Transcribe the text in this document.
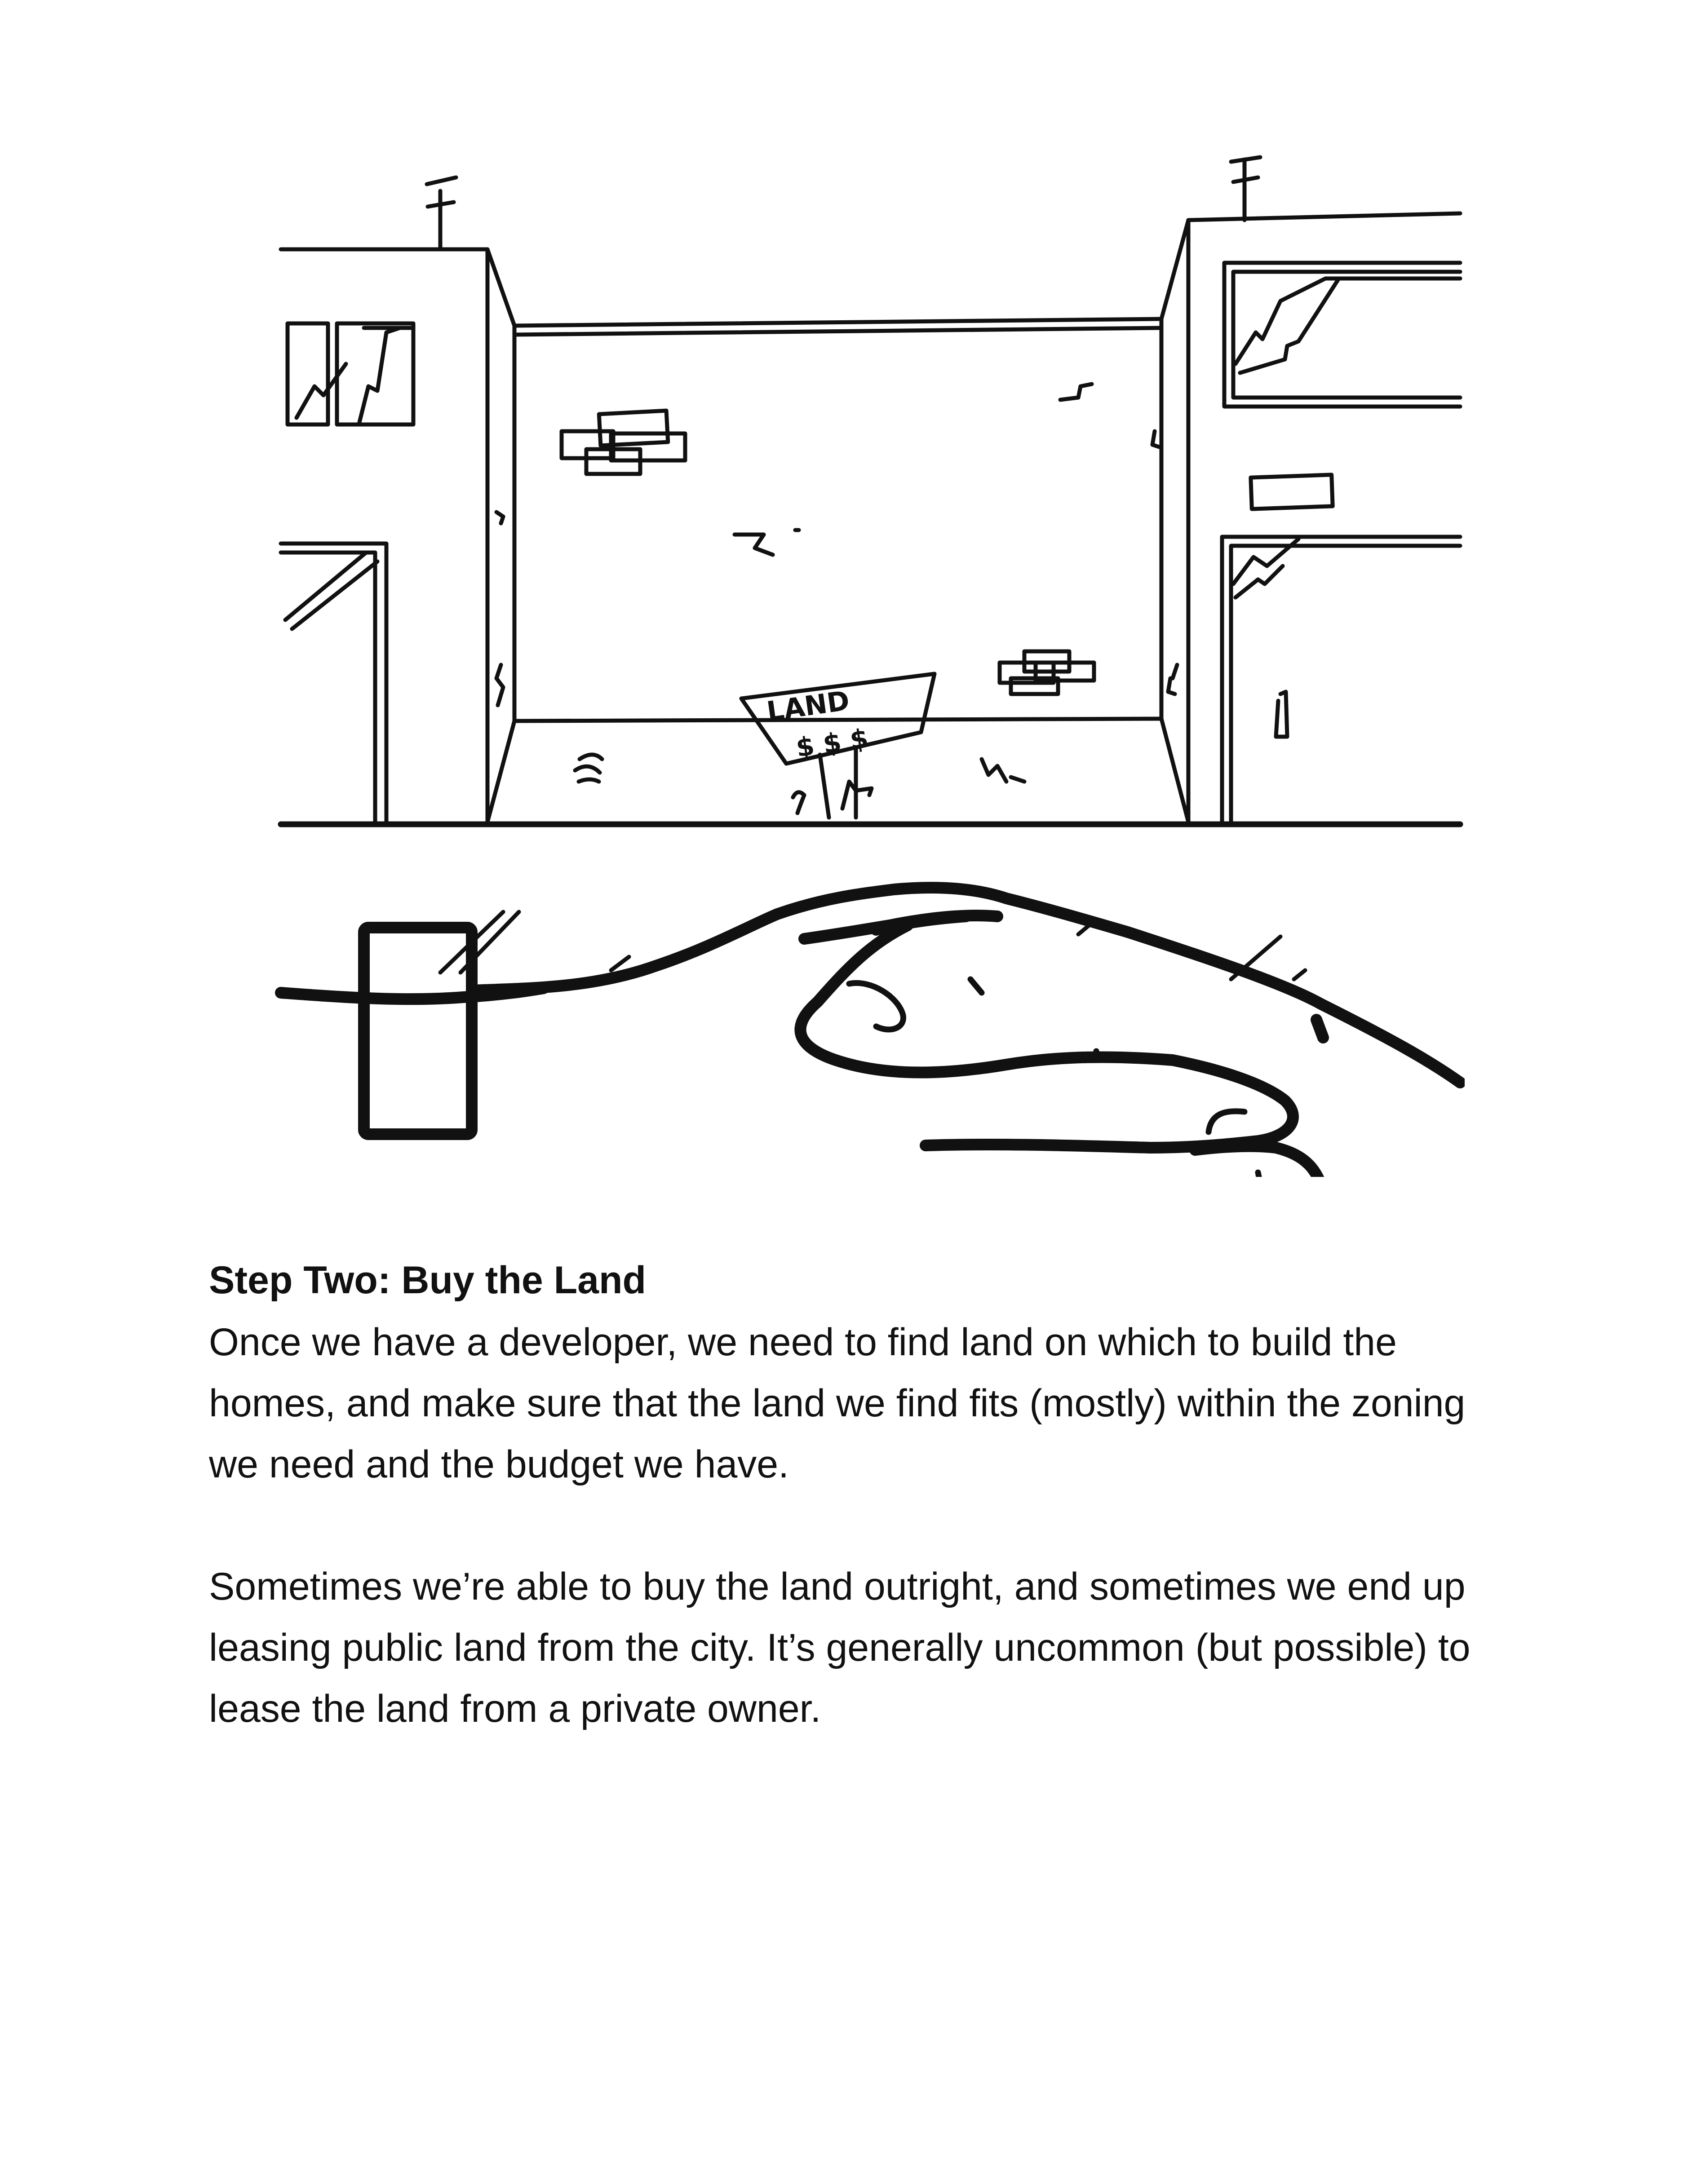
LAND
$ $ $

Step Two: Buy the Land

Once we have a developer, we need to find land on which to build the homes, and make sure that the land we find fits (mostly) within the zoning we need and the budget we have.

Sometimes we’re able to buy the land outright, and sometimes we end up leasing public land from the city. It’s generally uncommon (but possible) to lease the land from a private owner.
